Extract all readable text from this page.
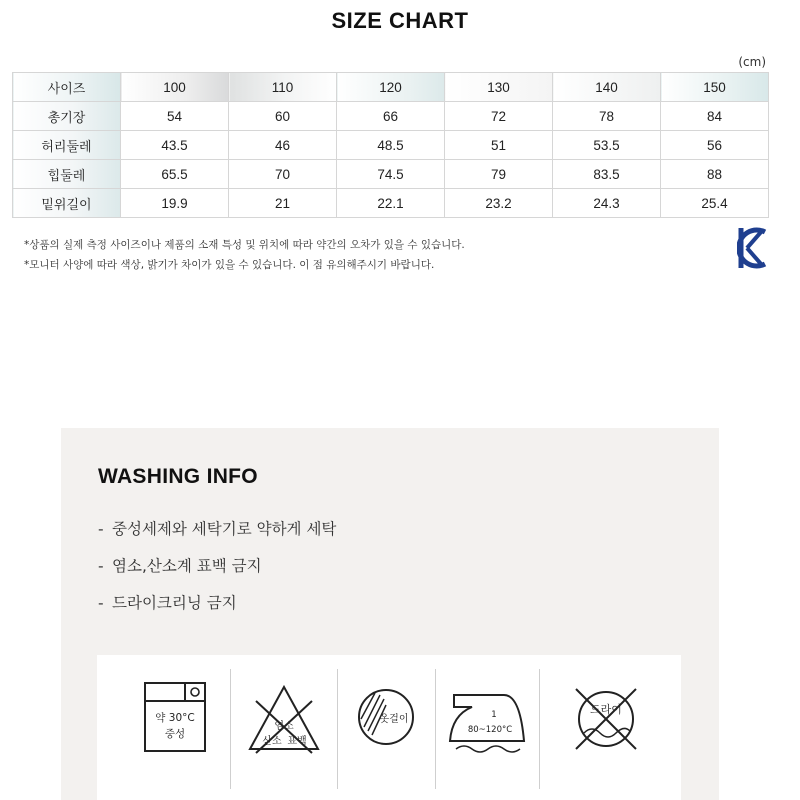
SIZE CHART
(cm)
사이즈	100	110	120	130	140	150
총기장	54	60	66	72	78	84
허리둘레	43.5	46	48.5	51	53.5	56
힙둘레	65.5	70	74.5	79	83.5	88
밑위길이	19.9	21	22.1	23.2	24.3	25.4
*상품의 실제 측정 사이즈이나 제품의 소재 특성 및 위치에 따라 약간의 오차가 있을 수 있습니다.
*모니터 사양에 따라 색상, 밝기가 차이가 있을 수 있습니다. 이 점 유의해주시기 바랍니다.
WASHING INFO
- 중성세제와 세탁기로 약하게 세탁
- 염소,산소계 표백 금지
- 드라이크리닝 금지
약 30°C
중성
염소
산소 표백
옷걸이	1
80~120°C
드라이
